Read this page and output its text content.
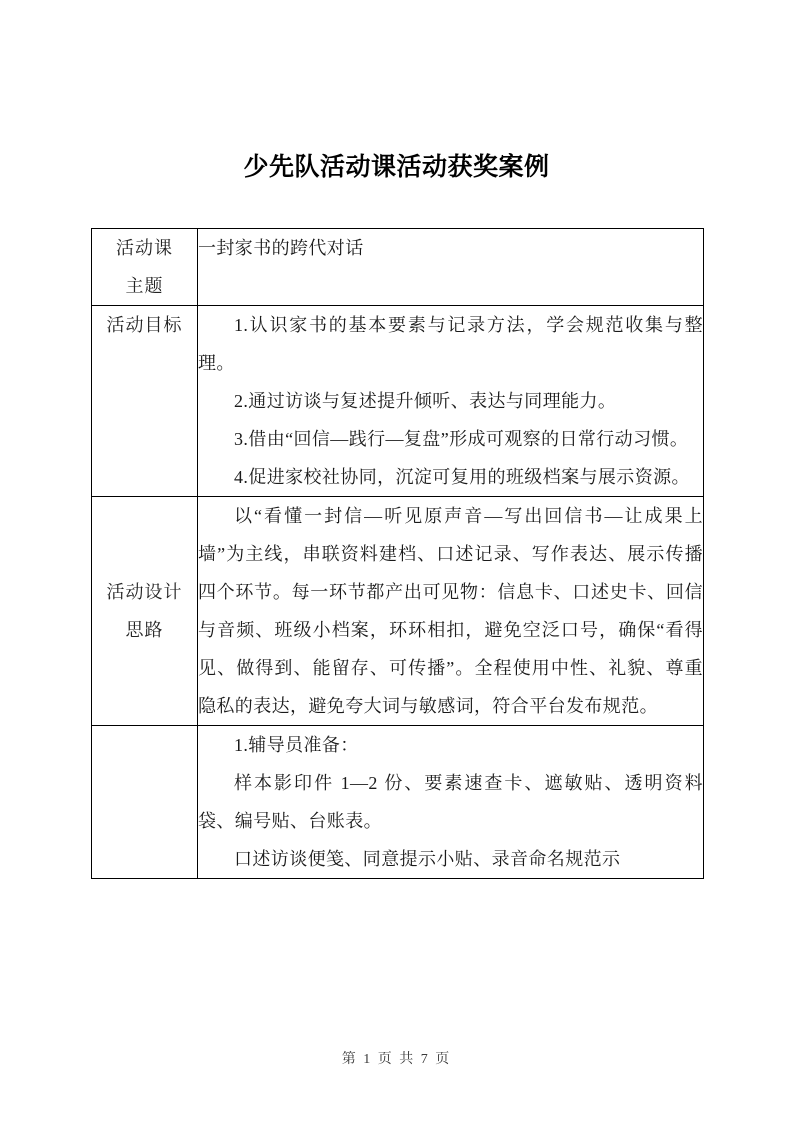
少先队活动课活动获奖案例
活动课
主题	一封家书的跨代对话

活动目标	1.认识家书的基本要素与记录方法，学会规范收集与整理。

2.通过访谈与复述提升倾听、表达与同理能力。

3.借由“回信—践行—复盘”形成可观察的日常行动习惯。

4.促进家校社协同，沉淀可复用的班级档案与展示资源。

活动设计
思路	以“看懂一封信—听见原声音—写出回信书—让成果上墙”为主线，串联资料建档、口述记录、写作表达、展示传播四个环节。每一环节都产出可见物：信息卡、口述史卡、回信与音频、班级小档案，环环相扣，避免空泛口号，确保“看得见、做得到、能留存、可传播”。全程使用中性、礼貌、尊重隐私的表达，避免夸大词与敏感词，符合平台发布规范。

	1.辅导员准备：

样本影印件 1—2 份、要素速查卡、遮敏贴、透明资料袋、编号贴、台账表。

口述访谈便笺、同意提示小贴、录音命名规范示

第 1 页 共 7 页
